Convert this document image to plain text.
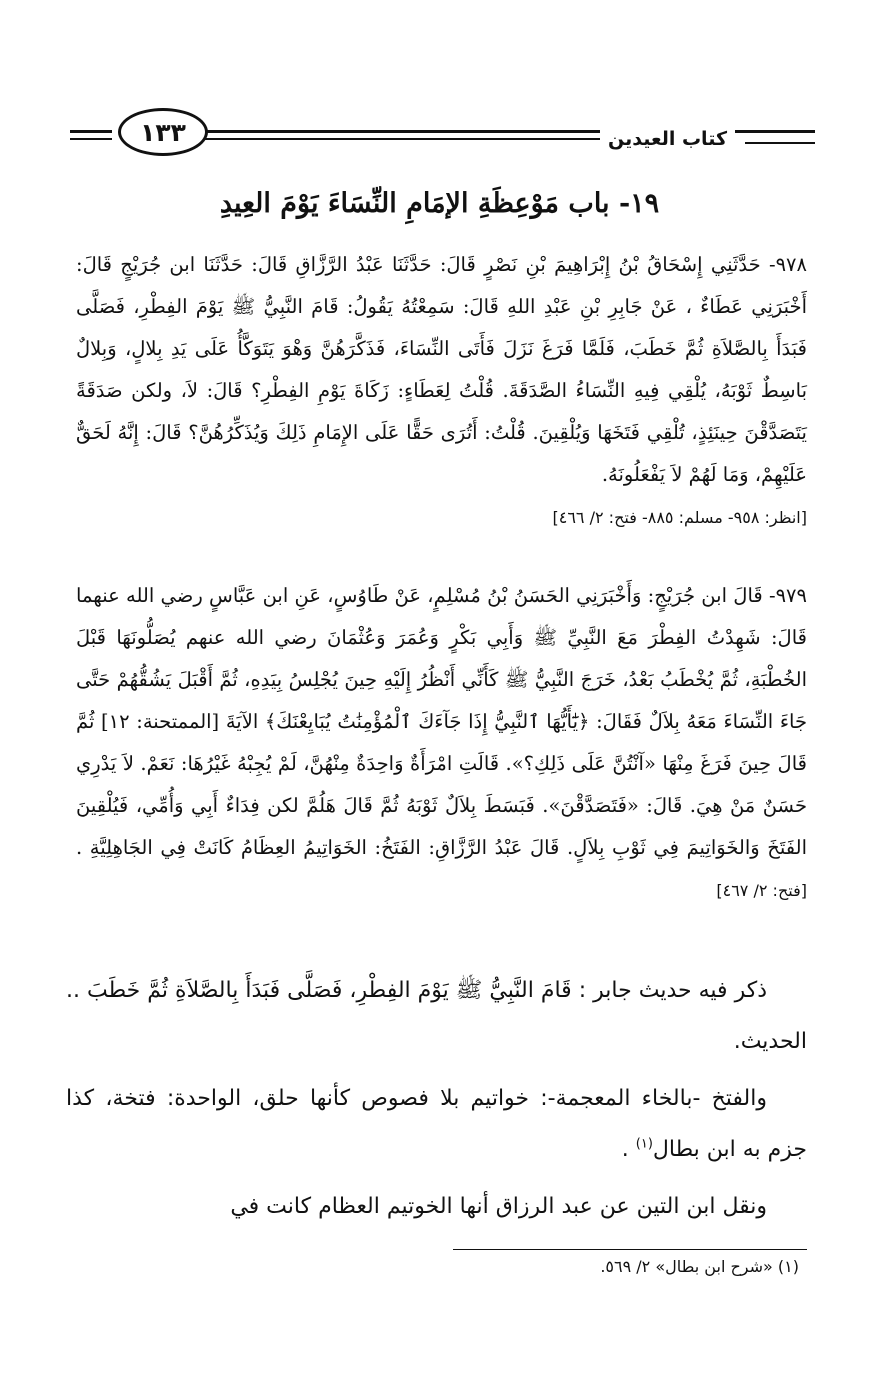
١٣٣	كتاب العيدين
١٩- باب مَوْعِظَةِ الإمَامِ النِّسَاءَ يَوْمَ العِيدِ
٩٧٨- حَدَّثَنِي إِسْحَاقُ بْنُ إِبْرَاهِيمَ بْنِ نَصْرٍ قَالَ: حَدَّثَنَا عَبْدُ الرَّزَّاقِ قَالَ: حَدَّثَنَا ابن جُرَيْجٍ قَالَ: أَخْبَرَنِي عَطَاءٌ ، عَنْ جَابِرِ بْنِ عَبْدِ اللهِ قَالَ: سَمِعْتُهُ يَقُولُ: قَامَ النَّبِيُّ ﷺ يَوْمَ الفِطْرِ، فَصَلَّى فَبَدَأَ بِالصَّلاَةِ ثُمَّ خَطَبَ، فَلَمَّا فَرَغَ نَزَلَ فَأَتَى النِّسَاءَ، فَذَكَّرَهُنَّ وَهْوَ يَتَوَكَّأُ عَلَى يَدِ بِلالٍ، وَبِلالٌ بَاسِطٌ ثَوْبَهُ، يُلْقِي فِيهِ النِّسَاءُ الصَّدَقَةَ. قُلْتُ لِعَطَاءٍ: زَكَاةَ يَوْمِ الفِطْرِ؟ قَالَ: لاَ، ولكن صَدَقَةً يَتَصَدَّقْنَ حِينَئِذٍ، تُلْقِي فَتَخَهَا وَيُلْقِينَ. قُلْتُ: أَتُرَى حَقًّا عَلَى الإِمَامِ ذَلِكَ وَيُذَكِّرُهُنَّ؟ قَالَ: إِنَّهُ لَحَقٌّ عَلَيْهِمْ، وَمَا لَهُمْ لاَ يَفْعَلُونَهُ.
[انظر: ٩٥٨- مسلم: ٨٨٥- فتح: ٢/ ٤٦٦]
٩٧٩- قَالَ ابن جُرَيْجٍ: وَأَخْبَرَنِي الحَسَنُ بْنُ مُسْلِمٍ، عَنْ طَاوُسٍ، عَنِ ابن عَبَّاسٍ رضي الله عنهما قَالَ: شَهِدْتُ الفِطْرَ مَعَ النَّبِيِّ ﷺ وَأَبِي بَكْرٍ وَعُمَرَ وَعُثْمَانَ رضي الله عنهم يُصَلُّونَهَا قَبْلَ الخُطْبَةِ، ثُمَّ يُخْطَبُ بَعْدُ، خَرَجَ النَّبِيُّ ﷺ كَأَنِّي أَنْظُرُ إِلَيْهِ حِينَ يُجْلِسُ بِيَدِهِ، ثُمَّ أَقْبَلَ يَشُقُّهُمْ حَتَّى جَاءَ النِّسَاءَ مَعَهُ بِلاَلٌ فَقَالَ: ﴿يَٰٓأَيُّهَا ٱلنَّبِيُّ إِذَا جَآءَكَ ٱلْمُؤْمِنَٰتُ يُبَايِعْنَكَ﴾ الآيَةَ [الممتحنة: ١٢] ثُمَّ قَالَ حِينَ فَرَغَ مِنْهَا «آنْتُنَّ عَلَى ذَلِكِ؟». قَالَتِ امْرَأَةٌ وَاحِدَةٌ مِنْهُنَّ، لَمْ يُجِبْهُ غَيْرُهَا: نَعَمْ. لاَ يَدْرِي حَسَنٌ مَنْ هِيَ. قَالَ: «فَتَصَدَّقْنَ». فَبَسَطَ بِلاَلٌ ثَوْبَهُ ثُمَّ قَالَ هَلُمَّ لكن فِدَاءٌ أَبِي وَأُمِّي، فَيُلْقِينَ الفَتَخَ وَالخَوَاتِيمَ فِي ثَوْبِ بِلاَلٍ. قَالَ عَبْدُ الرَّزَّاقِ: الفَتَخُ: الخَوَاتِيمُ العِظَامُ كَانَتْ فِي الجَاهِلِيَّةِ . [فتح: ٢/ ٤٦٧]

ذكر فيه حديث جابر : قَامَ النَّبِيُّ ﷺ يَوْمَ الفِطْرِ، فَصَلَّى فَبَدَأَ بِالصَّلاَةِ ثُمَّ خَطَبَ .. الحديث.

والفتخ -بالخاء المعجمة-: خواتيم بلا فصوص كأنها حلق، الواحدة: فتخة، كذا جزم به ابن بطال$^{(١)}$ .

ونقل ابن التين عن عبد الرزاق أنها الخوتيم العظام كانت في

(١) «شرح ابن بطال» ٢/ ٥٦٩.
